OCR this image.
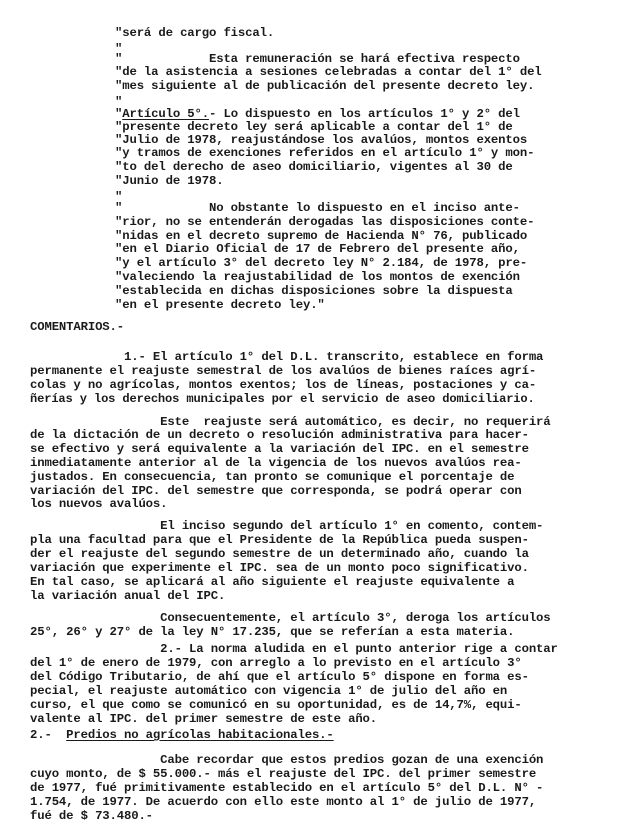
"será de cargo fiscal.
"
"            Esta remuneración se hará efectiva respecto
"de la asistencia a sesiones celebradas a contar del 1° del
"mes siguiente al de publicación del presente decreto ley.
"
"Artículo 5°.- Lo dispuesto en los artículos 1° y 2° del
"presente decreto ley será aplicable a contar del 1° de
"Julio de 1978, reajustándose los avalúos, montos exentos
"y tramos de exenciones referidos en el artículo 1° y mon-
"to del derecho de aseo domiciliario, vigentes al 30 de
"Junio de 1978.
"
"            No obstante lo dispuesto en el inciso ante-
"rior, no se entenderán derogadas las disposiciones conte-
"nidas en el decreto supremo de Hacienda N° 76, publicado
"en el Diario Oficial de 17 de Febrero del presente año,
"y el artículo 3° del decreto ley N° 2.184, de 1978, pre-
"valeciendo la reajustabilidad de los montos de exención
"establecida en dichas disposiciones sobre la dispuesta
"en el presente decreto ley."
COMENTARIOS.-
1.- El artículo 1° del D.L. transcrito, establece en forma
permanente el reajuste semestral de los avalúos de bienes raíces agrí-
colas y no agrícolas, montos exentos; los de líneas, postaciones y ca-
ñerías y los derechos municipales por el servicio de aseo domiciliario.
Este  reajuste será automático, es decir, no requerirá
de la dictación de un decreto o resolución administrativa para hacer-
se efectivo y será equivalente a la variación del IPC. en el semestre
inmediatamente anterior al de la vigencia de los nuevos avalúos rea-
justados. En consecuencia, tan pronto se comunique el porcentaje de
variación del IPC. del semestre que corresponda, se podrá operar con
los nuevos avalúos.
El inciso segundo del artículo 1° en comento, contem-
pla una facultad para que el Presidente de la República pueda suspen-
der el reajuste del segundo semestre de un determinado año, cuando la
variación que experimente el IPC. sea de un monto poco significativo.
En tal caso, se aplicará al año siguiente el reajuste equivalente a
la variación anual del IPC.
Consecuentemente, el artículo 3°, deroga los artículos
25°, 26° y 27° de la ley N° 17.235, que se referían a esta materia.
2.- La norma aludida en el punto anterior rige a contar
del 1° de enero de 1979, con arreglo a lo previsto en el artículo 3°
del Código Tributario, de ahí que el artículo 5° dispone en forma es-
pecial, el reajuste automático con vigencia 1° de julio del año en
curso, el que como se comunicó en su oportunidad, es de 14,7%, equi-
valente al IPC. del primer semestre de este año.
2.-  Predios no agrícolas habitacionales.-
Cabe recordar que estos predios gozan de una exención
cuyo monto, de $ 55.000.- más el reajuste del IPC. del primer semestre
de 1977, fué primitivamente establecido en el artículo 5° del D.L. N° -
1.754, de 1977. De acuerdo con ello este monto al 1° de julio de 1977,
fué de $ 73.480.-
